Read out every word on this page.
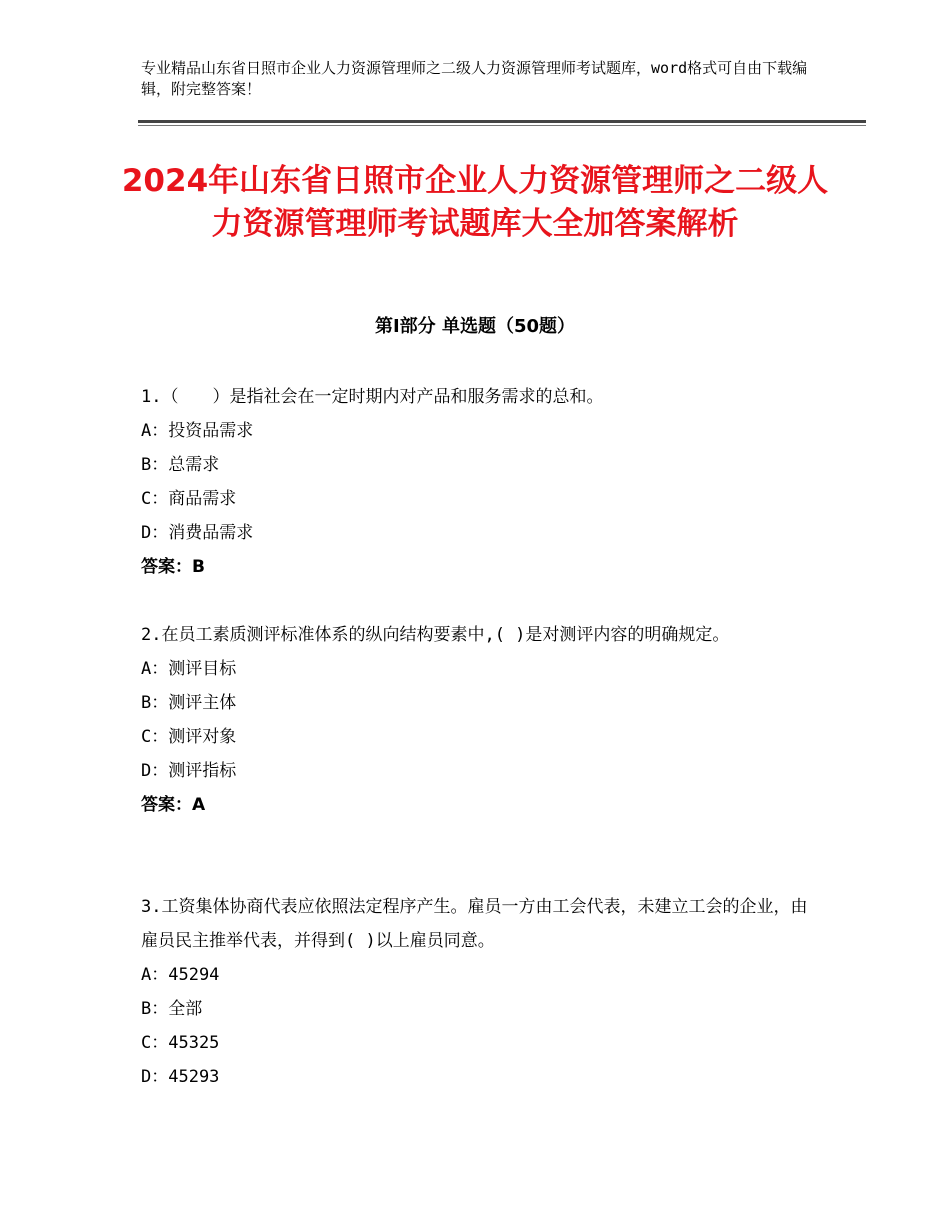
专业精品山东省日照市企业人力资源管理师之二级人力资源管理师考试题库，word格式可自由下载编辑，附完整答案！
2024年山东省日照市企业人力资源管理师之二级人力资源管理师考试题库大全加答案解析
第Ⅰ部分 单选题（50题）

1.（　　）是指社会在一定时期内对产品和服务需求的总和。

A：投资品需求

B：总需求

C：商品需求

D：消费品需求

答案：B

2.在员工素质测评标准体系的纵向结构要素中,( )是对测评内容的明确规定。

A：测评目标

B：测评主体

C：测评对象

D：测评指标

答案：A

3.工资集体协商代表应依照法定程序产生。雇员一方由工会代表，未建立工会的企业，由雇员民主推举代表，并得到( )以上雇员同意。

A：45294

B：全部

C：45325

D：45293
